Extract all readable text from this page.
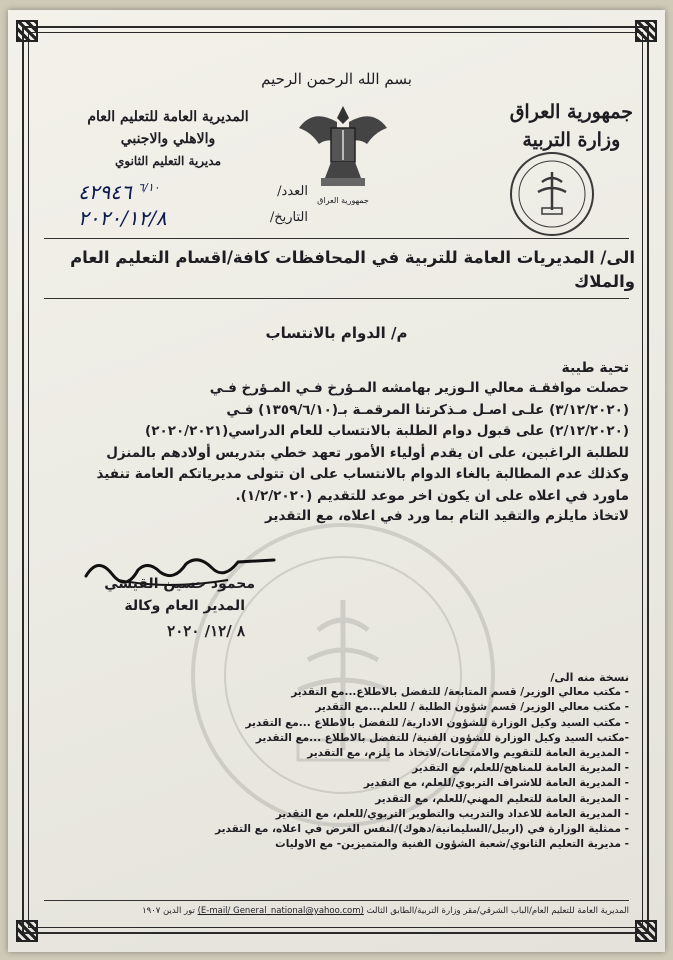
بسم الله الرحمن الرحيم
جمهورية العراق
وزارة التربية
المديرية العامة للتعليم العام
والاهلي والاجنبي
مديرية التعليم الثانوي
جمهورية العراق
العدد/
$^{٦/١٠}$ ٤٢٩٤٦
التاريخ/
٢٠٢٠/١٢/٨
الى/ المديريات العامة للتربية في المحافظات كافة/اقسام التعليم العام والملاك
م/ الدوام بالانتساب
تحية طيبة

حصلت موافقـة معالي الـوزير بهامشه المـؤرخ فـي المـؤرخ فـي

(٣/١٢/٢٠٢٠) علـى اصـل مـذكرتنا المرقمـة بـ(١٣٥٩/٦/١٠) فـي

(٢/١٢/٢٠٢٠) على قبول دوام الطلبة بالانتساب للعام الدراسي(٢٠٢٠/٢٠٢١)

للطلبة الراغبين، على ان يقدم أولياء الأمور تعهد خطي بتدريس أولادهم بالمنزل

وكذلك عدم المطالبة بالغاء الدوام بالانتساب على ان تتولى مديرياتكم العامة تنفيذ

ماورد في اعلاه على ان يكون اخر موعد للتقديم (١/٢/٢٠٢٠).

لاتخاذ مايلزم والتقيد التام بما ورد في اعلاه، مع التقدير
محمود حسين القيسي
المدير العام وكالة
٨ /١٢/ ٢٠٢٠
نسخة منه الى/
- مكتب معالي الوزير/ قسم المتابعة/ للتفضل بالاطلاع...مع التقدير
- مكتب معالي الوزير/ قسم شؤون الطلبة / للعلم...مع التقدير
- مكتب السيد وكيل الوزارة للشؤون الادارية/ للتفضل بالاطلاع ...مع التقدير
-مكتب السيد وكيل الوزارة للشؤون الفنية/ للتفضل بالاطلاع ...مع التقدير
- المديرية العامة للتقويم والامتحانات/لاتخاذ ما يلزم، مع التقدير
- المديرية العامة للمناهج/للعلم، مع التقدير
- المديرية العامة للاشراف التربوي/للعلم، مع التقدير
- المديرية العامة للتعليم المهني/للعلم، مع التقدير
- المديرية العامة للاعداد والتدريب والتطوير التربوي/للعلم، مع التقدير
- ممثلية الوزارة في (اربيل/السليمانية/دهوك)/لنفس الغرض في اعلاه، مع التقدير
- مديرية التعليم الثانوي/شعبة الشؤون الفنية والمتميزين- مع الاوليات
المديرية العامة للتعليم العام/الباب الشرقي/مقر وزارة التربية/الطابق الثالث (E-mail/ General_national@yahoo.com) تور الدين ١٩٠٧
